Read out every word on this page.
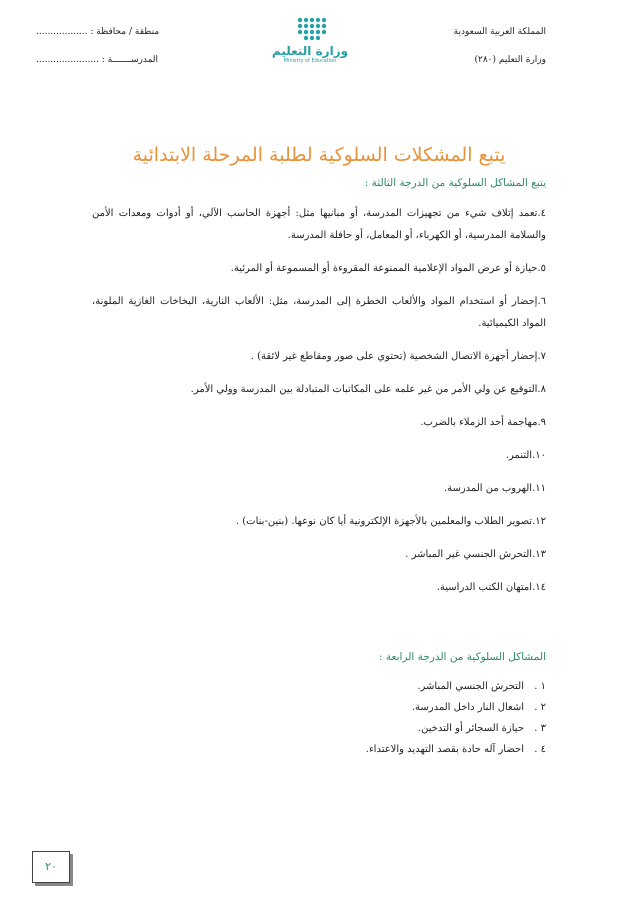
المملكة العربية السعودية
وزارة التعليم (٢٨٠)
وزارة التعليم
Ministry of Education
منطقة / محافظة : ..................
المدرســـــــة : ......................
يتبع المشكلات السلوكية لطلبة المرحلة الابتدائية

يتبع المشاكل السلوكية من الدرجة الثالثة :

٤.تعمد إتلاف شيء من تجهيزات المدرسة، أو مبانيها مثل: أجهزة الحاسب الآلي، أو أدوات ومعدات الأمن والسلامة المدرسية، أو الكهرباء، أو المعامل، أو حافلة المدرسة.

٥.حيازة أو عرض المواد الإعلامية الممنوعة المقروءة أو المسموعة أو المرئية.

٦.إحضار أو استخدام المواد والألعاب الخطرة إلى المدرسة، مثل: الألعاب النارية، البخاخات الغازية الملونة، المواد الكيميائية.

٧.إحضار أجهزة الاتصال الشخصية (تحتوي على صور ومقاطع غير لائقة) .

٨.التوقيع عن ولي الأمر من غير علمه على المكاتبات المتبادلة بين المدرسة وولي الأمر.

٩.مهاجمة أحد الزملاء بالضرب.

١٠.التنمر.

١١.الهروب من المدرسة.

١٢.تصوير الطلاب والمعلمين بالأجهزة الإلكترونية أيا كان نوعها. (بنين-بنات) .

١٣.التحرش الجنسي غير المباشر .

١٤.امتهان الكتب الدراسية.

المشاكل السلوكية من الدرجة الرابعة :

١ .
التحرش الجنسي المباشر.
٢ .
اشعال النار داخل المدرسة.
٣ .
حيازة السجائر أو التدخين.
٤ .
احضار آله حادة بقصد التهديد والاعتداء.
٢٠
